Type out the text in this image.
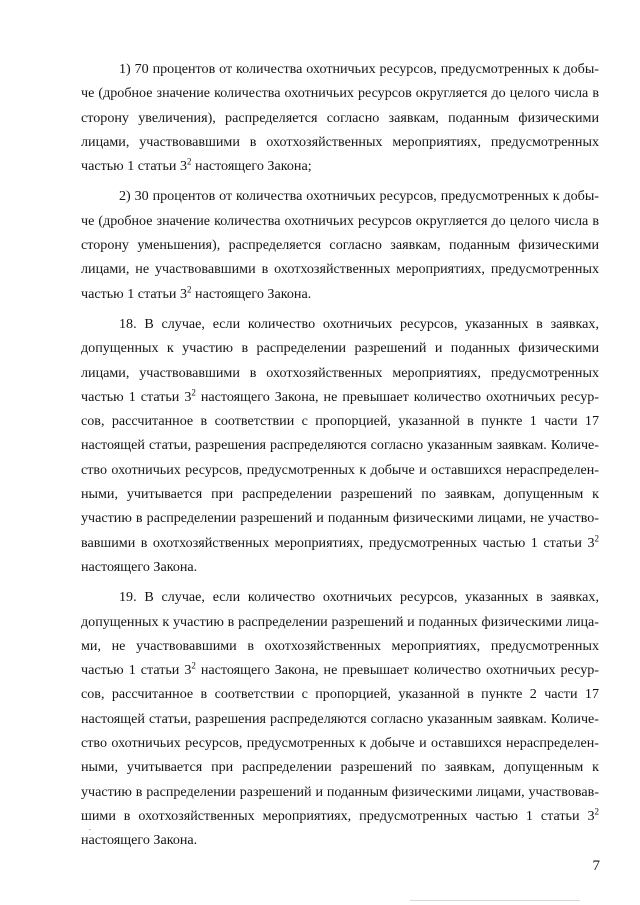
1) 70 процентов от количества охотничьих ресурсов, предусмотренных к добыче (дробное значение количества охотничьих ресурсов округляется до целого числа в сторону увеличения), распределяется согласно заявкам, поданным физическими лицами, участвовавшими в охотхозяйственных мероприятиях, предусмотренных частью 1 статьи $3^2$ настоящего Закона;

2) 30 процентов от количества охотничьих ресурсов, предусмотренных к добыче (дробное значение количества охотничьих ресурсов округляется до целого числа в сторону уменьшения), распределяется согласно заявкам, поданным физическими лицами, не участвовавшими в охотхозяйственных мероприятиях, предусмотренных частью 1 статьи $3^2$ настоящего Закона.

18. В случае, если количество охотничьих ресурсов, указанных в заявках, допущенных к участию в распределении разрешений и поданных физическими лицами, участвовавшими в охотхозяйственных мероприятиях, предусмотренных частью 1 статьи $3^2$ настоящего Закона, не превышает количество охотничьих ресурсов, рассчитанное в соответствии с пропорцией, указанной в пункте 1 части 17 настоящей статьи, разрешения распределяются согласно указанным заявкам. Количество охотничьих ресурсов, предусмотренных к добыче и оставшихся нераспределенными, учитывается при распределении разрешений по заявкам, допущенным к участию в распределении разрешений и поданным физическими лицами, не участвовавшими в охотхозяйственных мероприятиях, предусмотренных частью 1 статьи $3^2$ настоящего Закона.

19. В случае, если количество охотничьих ресурсов, указанных в заявках, допущенных к участию в распределении разрешений и поданных физическими лицами, не участвовавшими в охотхозяйственных мероприятиях, предусмотренных частью 1 статьи $3^2$ настоящего Закона, не превышает количество охотничьих ресурсов, рассчитанное в соответствии с пропорцией, указанной в пункте 2 части 17 настоящей статьи, разрешения распределяются согласно указанным заявкам. Количество охотничьих ресурсов, предусмотренных к добыче и оставшихся нераспределенными, учитывается при распределении разрешений по заявкам, допущенным к участию в распределении разрешений и поданным физическими лицами, участвовавшими в охотхозяйственных мероприятиях, предусмотренных частью 1 статьи $3^2$ настоящего Закона.

7
